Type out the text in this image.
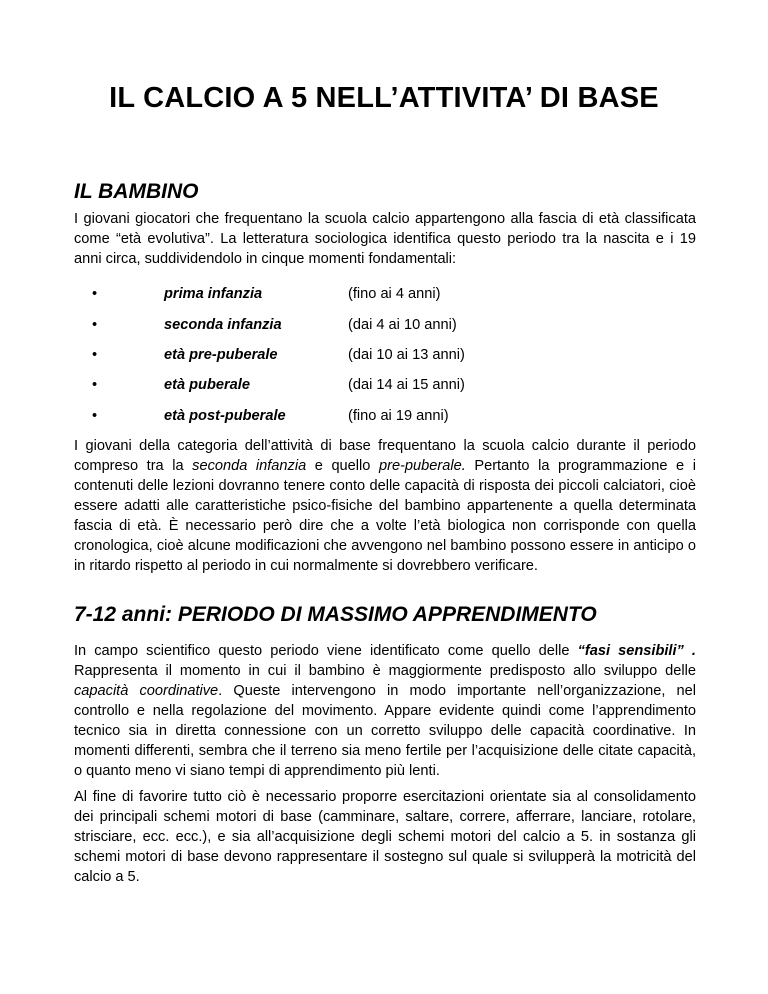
IL CALCIO A 5 NELL’ATTIVITA’ DI BASE
IL BAMBINO

I giovani giocatori che frequentano la scuola calcio appartengono alla fascia di età classificata come “età evolutiva”. La letteratura sociologica identifica questo periodo tra la nascita e i 19 anni circa, suddividendolo in cinque momenti fondamentali:

•	prima infanzia	(fino ai 4 anni)
•	seconda infanzia	(dai 4 ai 10 anni)
•	età pre-puberale	(dai 10 ai 13 anni)
•	età puberale	(dai 14 ai 15 anni)
•	età post-puberale	(fino ai 19 anni)

I giovani della categoria dell’attività di base frequentano la scuola calcio durante il periodo compreso tra la seconda infanzia e quello pre-puberale. Pertanto la programmazione e i contenuti delle lezioni dovranno tenere conto delle capacità di risposta dei piccoli calciatori, cioè essere adatti alle caratteristiche psico-fisiche del bambino appartenente a quella determinata fascia di età. È necessario però dire che a volte l’età biologica non corrisponde con quella cronologica, cioè alcune modificazioni che avvengono nel bambino possono essere in anticipo o in ritardo rispetto al periodo in cui normalmente si dovrebbero verificare.

7-12 anni: PERIODO DI MASSIMO APPRENDIMENTO

In campo scientifico questo periodo viene identificato come quello delle “fasi sensibili” . Rappresenta il momento in cui il bambino è maggiormente predisposto allo sviluppo delle capacità coordinative. Queste intervengono in modo importante nell’organizzazione, nel controllo e nella regolazione del movimento. Appare evidente quindi come l’apprendimento tecnico sia in diretta connessione con un corretto sviluppo delle capacità coordinative. In momenti differenti, sembra che il terreno sia meno fertile per l’acquisizione delle citate capacità, o quanto meno vi siano tempi di apprendimento più lenti.

Al fine di favorire tutto ciò è necessario proporre esercitazioni orientate sia al consolidamento dei principali schemi motori di base (camminare, saltare, correre, afferrare, lanciare, rotolare, strisciare, ecc. ecc.), e sia all’acquisizione degli schemi motori del calcio a 5. in sostanza gli schemi motori di base devono rappresentare il sostegno sul quale si svilupperà la motricità del calcio a 5.
